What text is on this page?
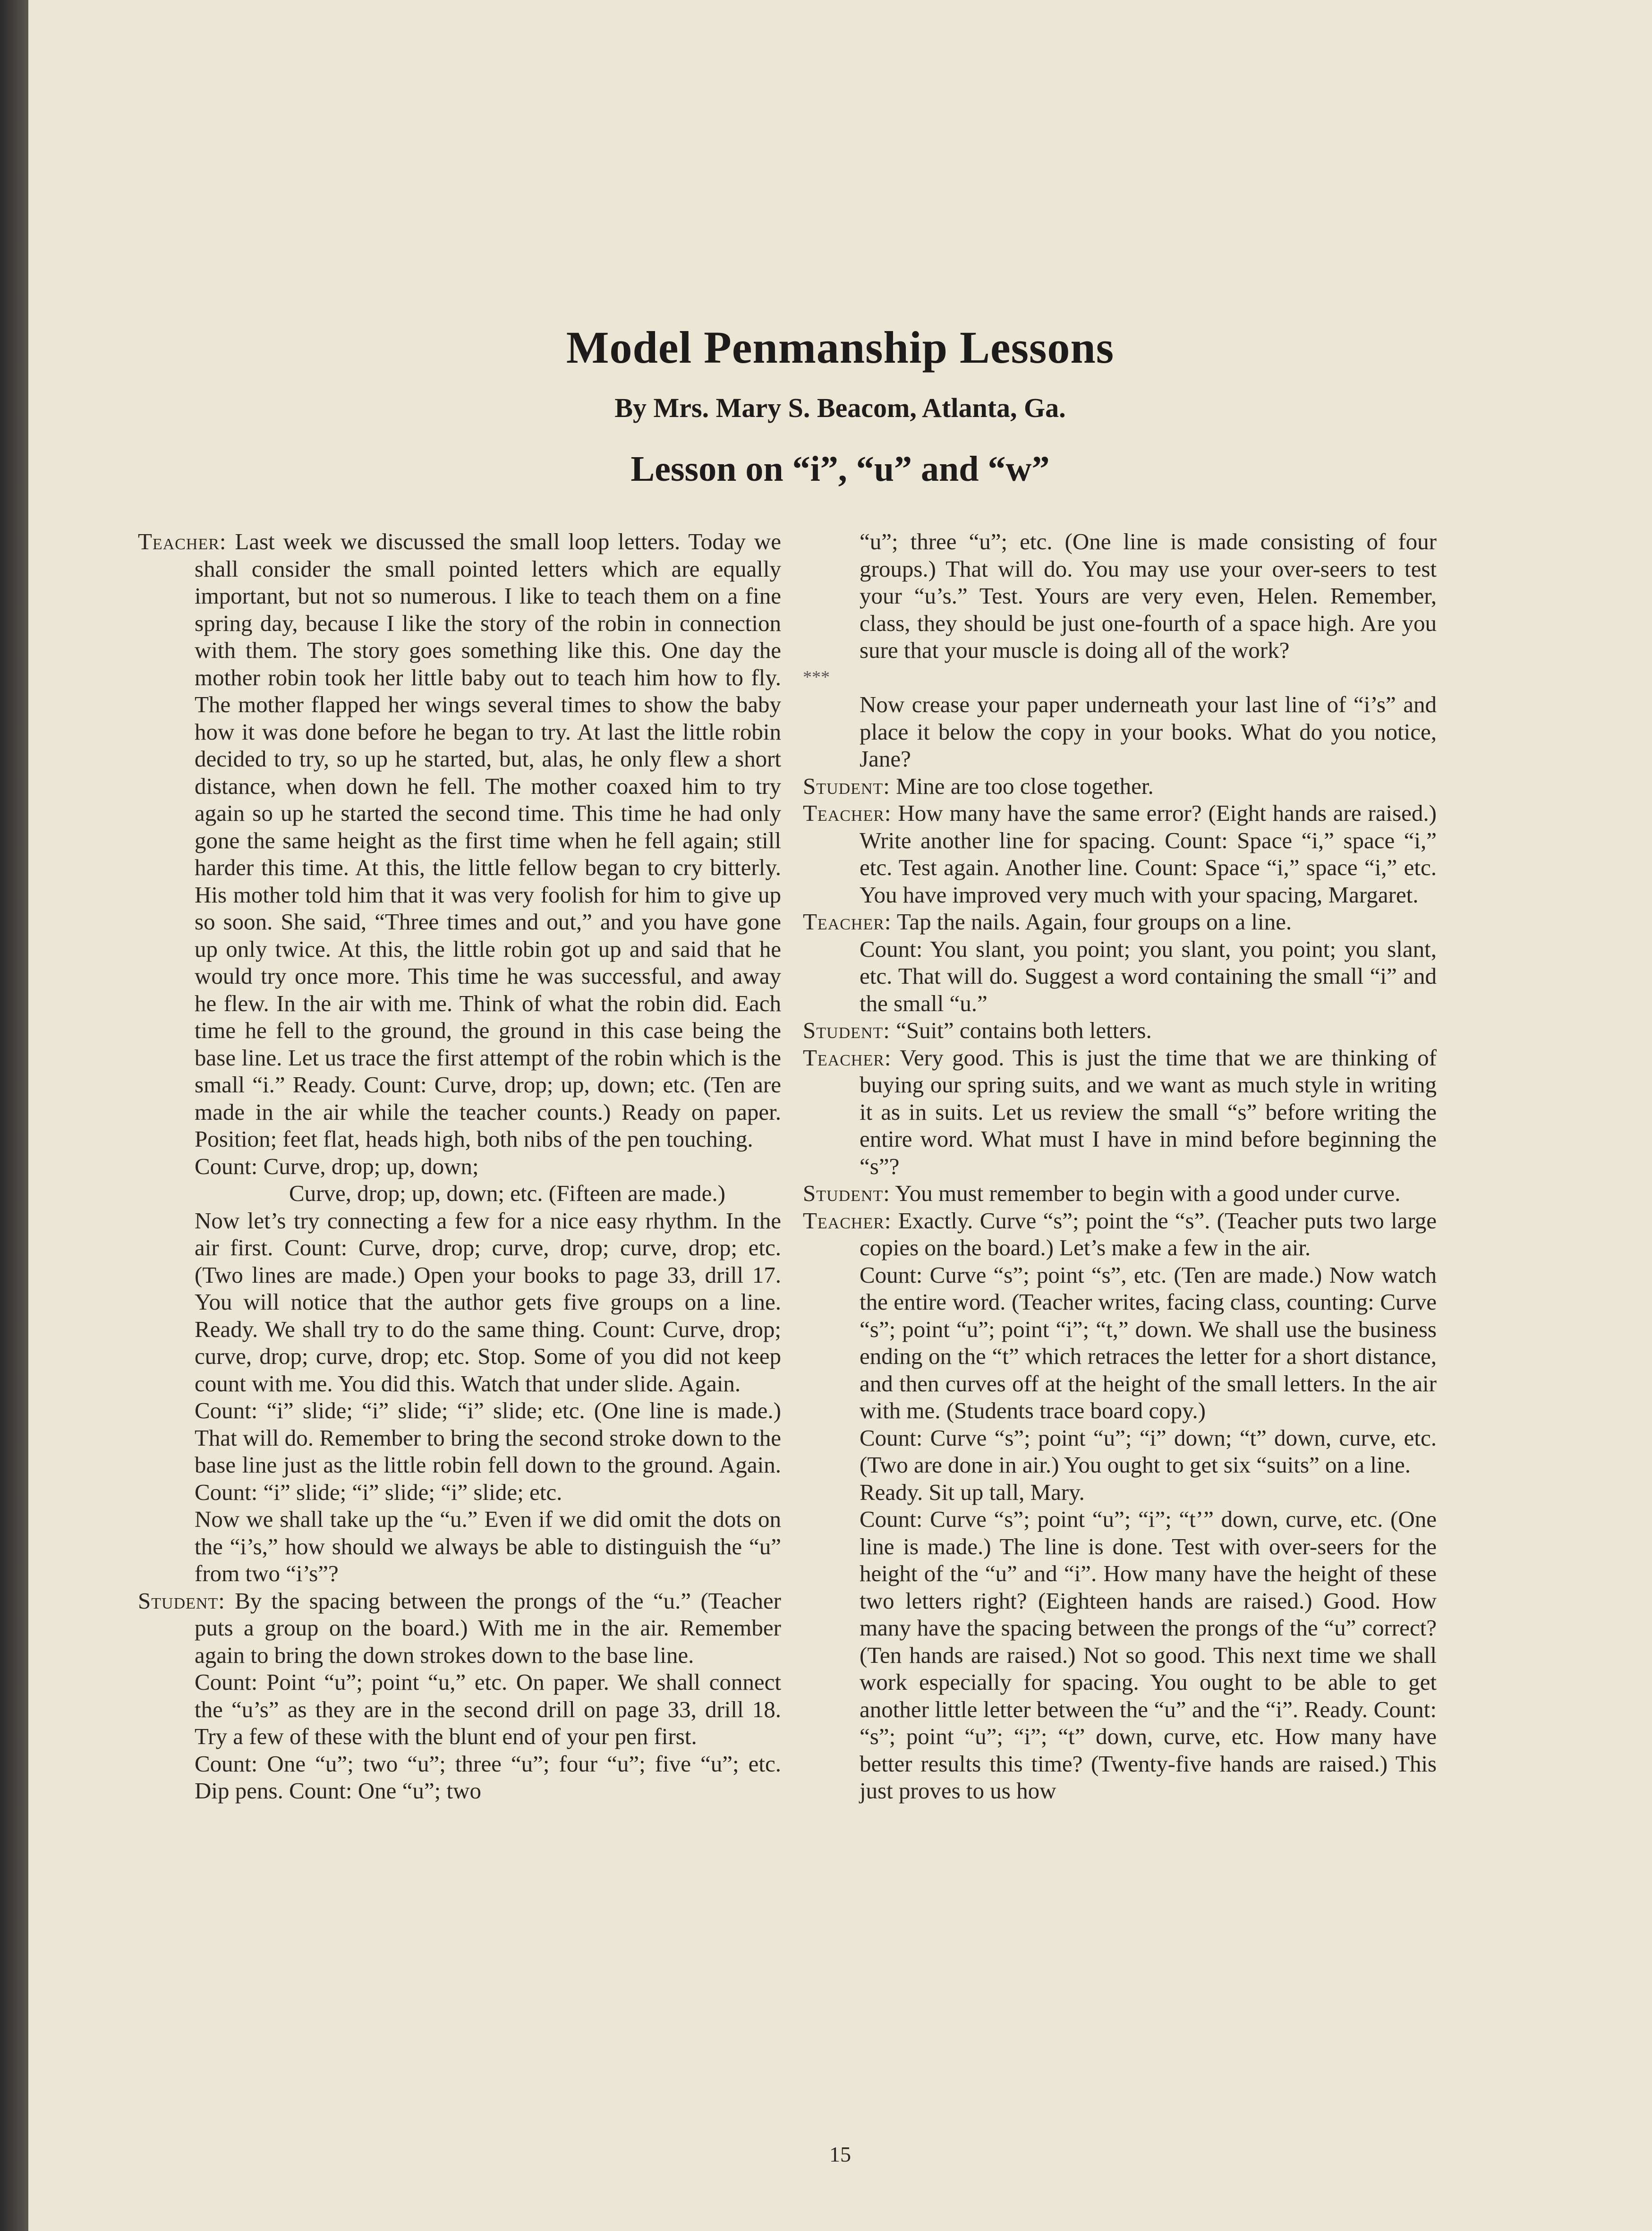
Model Penmanship Lessons
By Mrs. Mary S. Beacom, Atlanta, Ga.
Lesson on “i”, “u” and “w”

Teacher: Last week we discussed the small loop letters. Today we shall consider the small pointed letters which are equally important, but not so numerous. I like to teach them on a fine spring day, because I like the story of the robin in connection with them. The story goes something like this. One day the mother robin took her little baby out to teach him how to fly. The mother flapped her wings several times to show the baby how it was done before he began to try. At last the little robin decided to try, so up he started, but, alas, he only flew a short distance, when down he fell. The mother coaxed him to try again so up he started the second time. This time he had only gone the same height as the first time when he fell again; still harder this time. At this, the little fellow began to cry bitterly. His mother told him that it was very foolish for him to give up so soon. She said, “Three times and out,” and you have gone up only twice. At this, the little robin got up and said that he would try once more. This time he was successful, and away he flew. In the air with me. Think of what the robin did. Each time he fell to the ground, the ground in this case being the base line. Let us trace the first attempt of the robin which is the small “i.” Ready. Count: Curve, drop; up, down; etc. (Ten are made in the air while the teacher counts.) Ready on paper. Position; feet flat, heads high, both nibs of the pen touching.

Count: Curve, drop; up, down;

Curve, drop; up, down; etc. (Fifteen are made.)

Now let’s try connecting a few for a nice easy rhythm. In the air first. Count: Curve, drop; curve, drop; curve, drop; etc. (Two lines are made.) Open your books to page 33, drill 17. You will notice that the author gets five groups on a line. Ready. We shall try to do the same thing. Count: Curve, drop; curve, drop; curve, drop; etc. Stop. Some of you did not keep count with me. You did this. Watch that under slide. Again.

Count: “i” slide; “i” slide; “i” slide; etc. (One line is made.) That will do. Remember to bring the second stroke down to the base line just as the little robin fell down to the ground. Again. Count: “i” slide; “i” slide; “i” slide; etc.

Now we shall take up the “u.” Even if we did omit the dots on the “i’s,” how should we always be able to distinguish the “u” from two “i’s”?

Student: By the spacing between the prongs of the “u.” (Teacher puts a group on the board.) With me in the air. Remember again to bring the down strokes down to the base line.

Count: Point “u”; point “u,” etc. On paper. We shall connect the “u’s” as they are in the second drill on page 33, drill 18. Try a few of these with the blunt end of your pen first.

Count: One “u”; two “u”; three “u”; four “u”; five “u”; etc. Dip pens. Count: One “u”; two

“u”; three “u”; etc. (One line is made consisting of four groups.) That will do. You may use your over-seers to test your “u’s.” Test. Yours are very even, Helen. Remember, class, they should be just one-fourth of a space high. Are you sure that your muscle is doing all of the work?

***

Now crease your paper underneath your last line of “i’s” and place it below the copy in your books. What do you notice, Jane?

Student: Mine are too close together.

Teacher: How many have the same error? (Eight hands are raised.) Write another line for spacing. Count: Space “i,” space “i,” etc. Test again. Another line. Count: Space “i,” space “i,” etc. You have improved very much with your spacing, Margaret.

Teacher: Tap the nails. Again, four groups on a line.

Count: You slant, you point; you slant, you point; you slant, etc. That will do. Suggest a word containing the small “i” and the small “u.”

Student: “Suit” contains both letters.

Teacher: Very good. This is just the time that we are thinking of buying our spring suits, and we want as much style in writing it as in suits. Let us review the small “s” before writing the entire word. What must I have in mind before beginning the “s”?

Student: You must remember to begin with a good under curve.

Teacher: Exactly. Curve “s”; point the “s”. (Teacher puts two large copies on the board.) Let’s make a few in the air.

Count: Curve “s”; point “s”, etc. (Ten are made.) Now watch the entire word. (Teacher writes, facing class, counting: Curve “s”; point “u”; point “i”; “t,” down. We shall use the business ending on the “t” which retraces the letter for a short distance, and then curves off at the height of the small letters. In the air with me. (Students trace board copy.)

Count: Curve “s”; point “u”; “i” down; “t” down, curve, etc. (Two are done in air.) You ought to get six “suits” on a line.

Ready. Sit up tall, Mary.

Count: Curve “s”; point “u”; “i”; “t’” down, curve, etc. (One line is made.) The line is done. Test with over-seers for the height of the “u” and “i”. How many have the height of these two letters right? (Eighteen hands are raised.) Good. How many have the spacing between the prongs of the “u” correct? (Ten hands are raised.) Not so good. This next time we shall work especially for spacing. You ought to be able to get another little letter between the “u” and the “i”. Ready. Count: “s”; point “u”; “i”; “t” down, curve, etc. How many have better results this time? (Twenty-five hands are raised.) This just proves to us how

15
